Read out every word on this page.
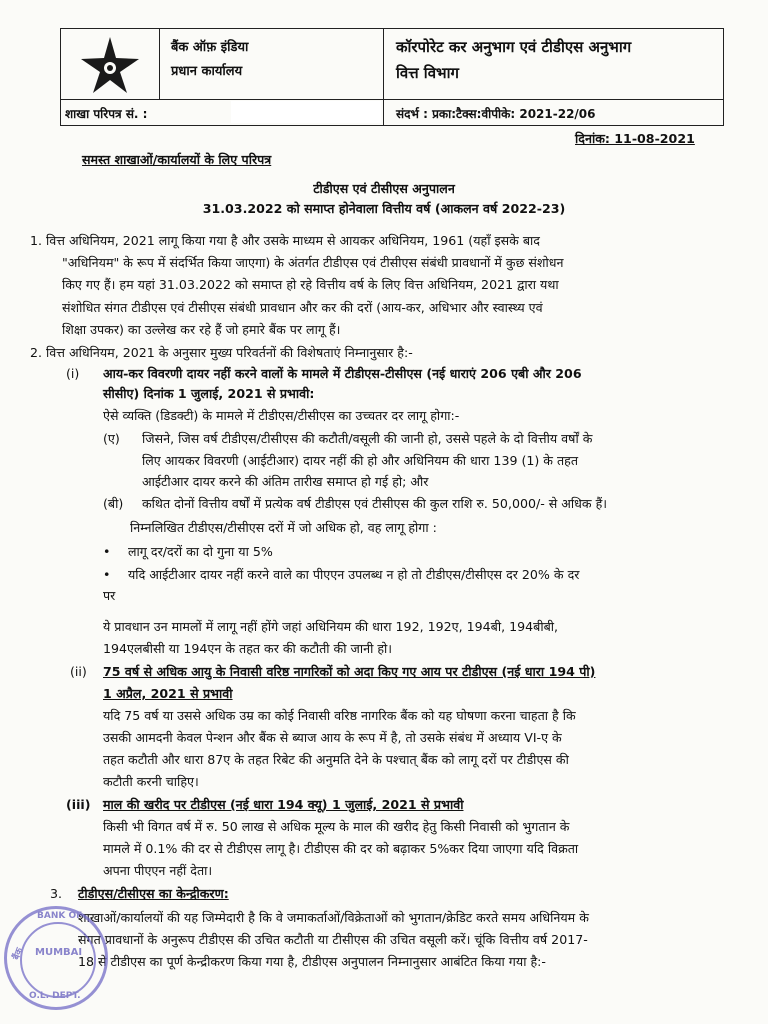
बैंक ऑफ़ इंडिया
प्रधान कार्यालय
कॉरपोरेट कर अनुभाग एवं टीडीएस अनुभाग
वित्त विभाग
शाखा परिपत्र सं. :	संदर्भ : प्रका:टैक्स:वीपीके: 2021-22/06
दिनांक: 11-08-2021
समस्त शाखाओं/कार्यालयों के लिए परिपत्र
टीडीएस एवं टीसीएस अनुपालन
31.03.2022 को समाप्त होनेवाला वित्तीय वर्ष (आकलन वर्ष 2022-23)
1. वित्त अधिनियम, 2021 लागू किया गया है और उसके माध्यम से आयकर अधिनियम, 1961 (यहाँ इसके बाद
"अधिनियम" के रूप में संदर्भित किया जाएगा) के अंतर्गत टीडीएस एवं टीसीएस संबंधी प्रावधानों में कुछ संशोधन
किए गए हैं। हम यहां 31.03.2022 को समाप्त हो रहे वित्तीय वर्ष के लिए वित्त अधिनियम, 2021 द्वारा यथा
संशोधित संगत टीडीएस एवं टीसीएस संबंधी प्रावधान और कर की दरों (आय-कर, अधिभार और स्वास्थ्य एवं
शिक्षा उपकर) का उल्लेख कर रहे हैं जो हमारे बैंक पर लागू हैं।
2. वित्त अधिनियम, 2021 के अनुसार मुख्य परिवर्तनों की विशेषताएं निम्नानुसार है:-
(i) आय-कर विवरणी दायर नहीं करने वालों के मामले में टीडीएस-टीसीएस (नई धाराएं 206 एबी और 206
सीसीए) दिनांक 1 जुलाई, 2021 से प्रभावी:
ऐसे व्यक्ति (डिडक्टी) के मामले में टीडीएस/टीसीएस का उच्चतर दर लागू होगा:-
(ए) जिसने, जिस वर्ष टीडीएस/टीसीएस की कटौती/वसूली की जानी हो, उससे पहले के दो वित्तीय वर्षों के
लिए आयकर विवरणी (आईटीआर) दायर नहीं की हो और अधिनियम की धारा 139 (1) के तहत
आईटीआर दायर करने की अंतिम तारीख समाप्त हो गई हो; और
(बी) कथित दोनों वित्तीय वर्षों में प्रत्येक वर्ष टीडीएस एवं टीसीएस की कुल राशि रु. 50,000/- से अधिक हैं।
निम्नलिखित टीडीएस/टीसीएस दरों में जो अधिक हो, वह लागू होगा :
• लागू दर/दरों का दो गुना या 5%
• यदि आईटीआर दायर नहीं करने वाले का पीएएन उपलब्ध न हो तो टीडीएस/टीसीएस दर 20% के दर
पर
ये प्रावधान उन मामलों में लागू नहीं होंगे जहां अधिनियम की धारा 192, 192ए, 194बी, 194बीबी,
194एलबीसी या 194एन के तहत कर की कटौती की जानी हो।
(ii) 75 वर्ष से अधिक आयु के निवासी वरिष्ठ नागरिकों को अदा किए गए आय पर टीडीएस (नई धारा 194 पी)
1 अप्रैल, 2021 से प्रभावी
यदि 75 वर्ष या उससे अधिक उम्र का कोई निवासी वरिष्ठ नागरिक बैंक को यह घोषणा करना चाहता है कि
उसकी आमदनी केवल पेन्शन और बैंक से ब्याज आय के रूप में है, तो उसके संबंध में अध्याय VI-ए के
तहत कटौती और धारा 87ए के तहत रिबेट की अनुमति देने के पश्चात् बैंक को लागू दरों पर टीडीएस की
कटौती करनी चाहिए।
(iii) माल की खरीद पर टीडीएस (नई धारा 194 क्यू) 1 जुलाई, 2021 से प्रभावी
किसी भी विगत वर्ष में रु. 50 लाख से अधिक मूल्य के माल की खरीद हेतु किसी निवासी को भुगतान के
मामले में 0.1% की दर से टीडीएस लागू है। टीडीएस की दर को बढ़ाकर 5%कर दिया जाएगा यदि विक्रता
अपना पीएएन नहीं देता।
3. टीडीएस/टीसीएस का केन्द्रीकरण:
शाखाओं/कार्यालयों की यह जिम्मेदारी है कि वे जमाकर्ताओं/विक्रेताओं को भुगतान/क्रेडिट करते समय अधिनियम के
संगत प्रावधानों के अनुरूप टीडीएस की उचित कटौती या टीसीएस की उचित वसूली करें। चूंकि वित्तीय वर्ष 2017-
18 से टीडीएस का पूर्ण केन्द्रीकरण किया गया है, टीडीएस अनुपालन निम्नानुसार आबंटित किया गया है:-
BANK OF
बैंक MUMBAI
O.L. DEPT.
